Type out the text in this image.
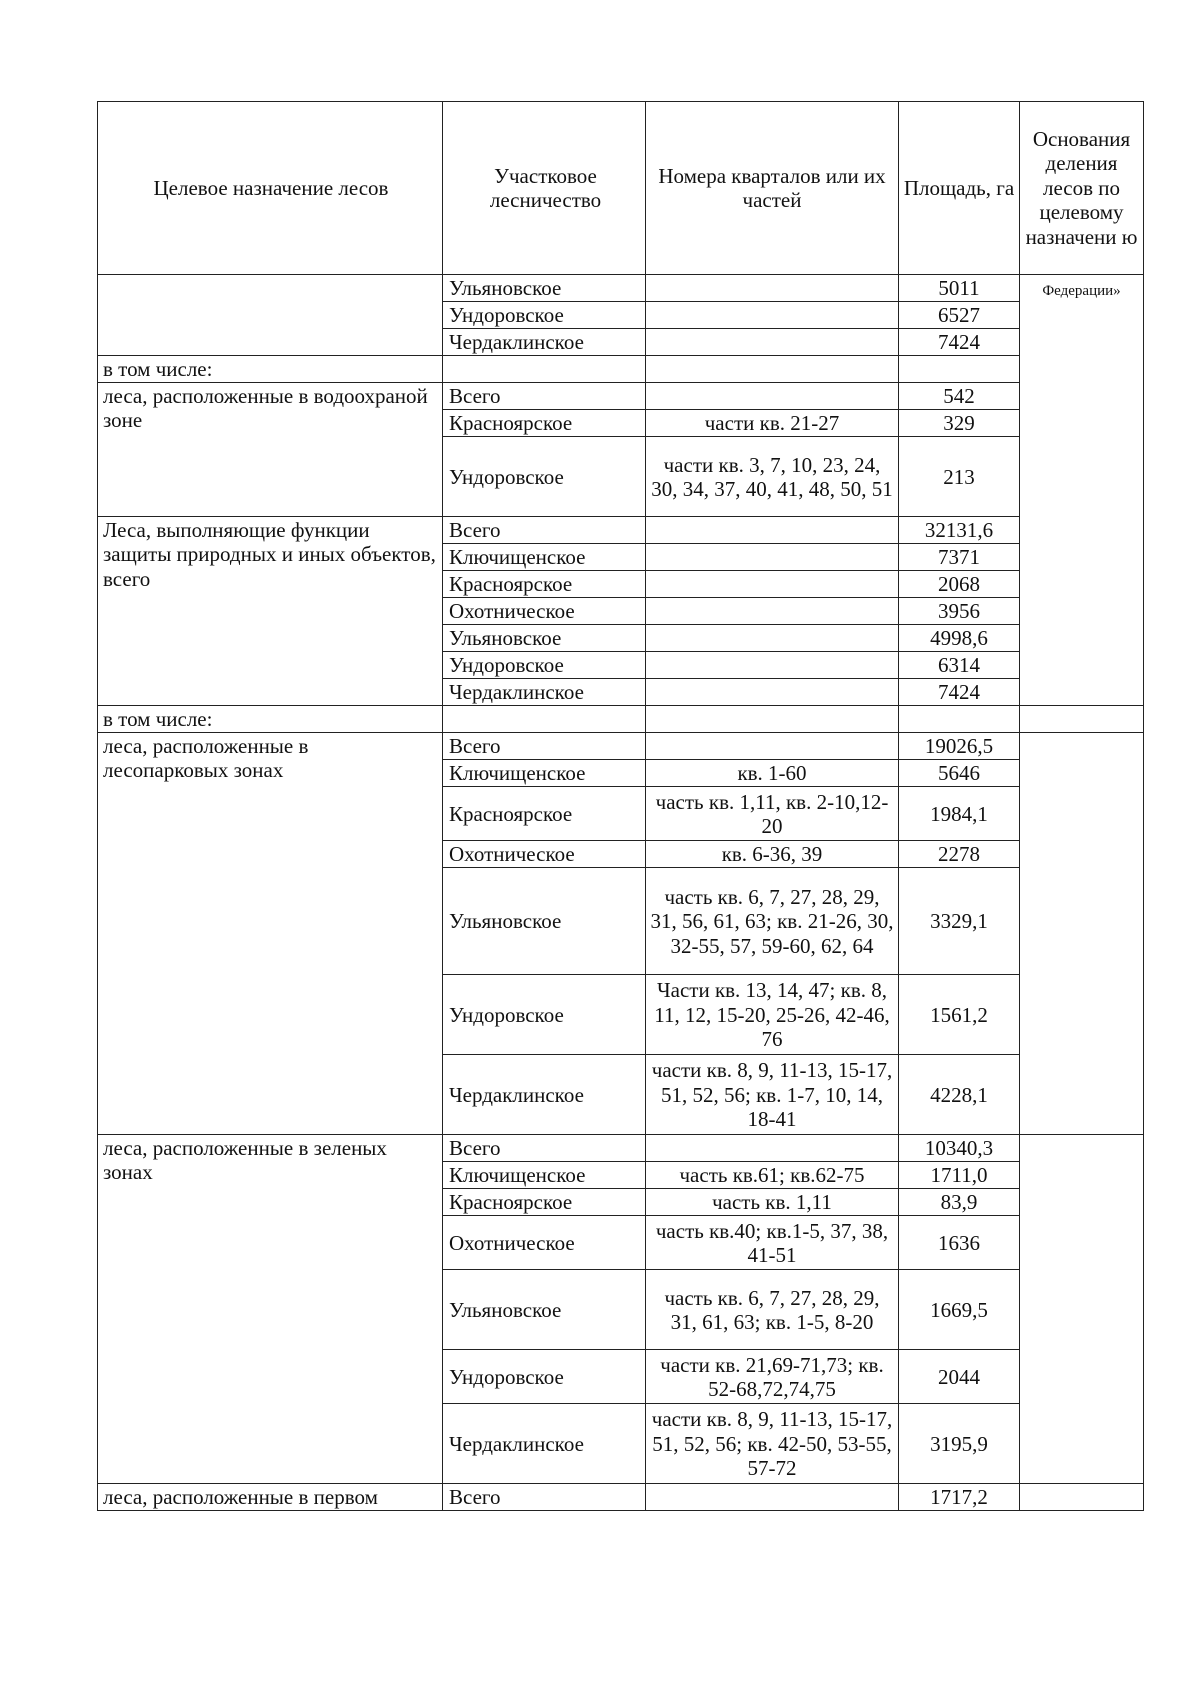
Целевое назначение лесов	Участковое лесничество	Номера кварталов или их частей	Площадь, га	Основания деления лесов по целевому назначени ю
	Ульяновское		5011	Федерации»
	Ундоровское		6527	
	Чердаклинское		7424	
в том числе:				
леса, расположенные в водоохраной зоне	Всего		542	
	Красноярское	части кв. 21-27	329	
	Ундоровское	части кв. 3, 7, 10, 23, 24, 30, 34, 37, 40, 41, 48, 50, 51	213	
Леса, выполняющие функции защиты природных и иных объектов, всего	Всего		32131,6	
	Ключищенское		7371	
	Красноярское		2068	
	Охотническое		3956	
	Ульяновское		4998,6	
	Ундоровское		6314	
	Чердаклинское		7424	
в том числе:				
леса, расположенные в лесопарковых зонах	Всего		19026,5	
	Ключищенское	кв. 1-60	5646	
	Красноярское	часть кв. 1,11, кв. 2-10,12-20	1984,1	
	Охотническое	кв. 6-36, 39	2278	
	Ульяновское	часть кв. 6, 7, 27, 28, 29, 31, 56, 61, 63; кв. 21-26, 30, 32-55, 57, 59-60, 62, 64	3329,1	
	Ундоровское	Части кв. 13, 14, 47; кв. 8, 11, 12, 15-20, 25-26, 42-46, 76	1561,2	
	Чердаклинское	части кв. 8, 9, 11-13, 15-17, 51, 52, 56; кв. 1-7, 10, 14, 18-41	4228,1	
леса, расположенные в зеленых зонах	Всего		10340,3	
	Ключищенское	часть кв.61; кв.62-75	1711,0	
	Красноярское	часть кв. 1,11	83,9	
	Охотническое	часть кв.40; кв.1-5, 37, 38, 41-51	1636	
	Ульяновское	часть кв. 6, 7, 27, 28, 29, 31, 61, 63; кв. 1-5, 8-20	1669,5	
	Ундоровское	части кв. 21,69-71,73; кв. 52-68,72,74,75	2044	
	Чердаклинское	части кв. 8, 9, 11-13, 15-17, 51, 52, 56; кв. 42-50, 53-55, 57-72	3195,9	
леса, расположенные в первом	Всего		1717,2	
